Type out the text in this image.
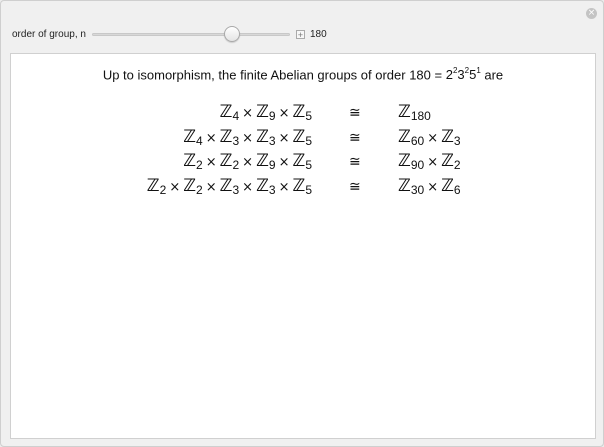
×
order of group, n	+ 180
Up to isomorphism, the finite Abelian groups of order $180 = 2^23^25^1$ are
ℤ$_4$ × ℤ$_9$ × ℤ$_5$	≅ ℤ$_{180}$
ℤ$_4$ × ℤ$_3$ × ℤ$_3$ × ℤ$_5$	≅ ℤ$_{60}$ × ℤ$_3$
ℤ$_2$ × ℤ$_2$ × ℤ$_9$ × ℤ$_5$	≅ ℤ$_{90}$ × ℤ$_2$
ℤ$_2$ × ℤ$_2$ × ℤ$_3$ × ℤ$_3$ × ℤ$_5$	≅ ℤ$_{30}$ × ℤ$_6$
